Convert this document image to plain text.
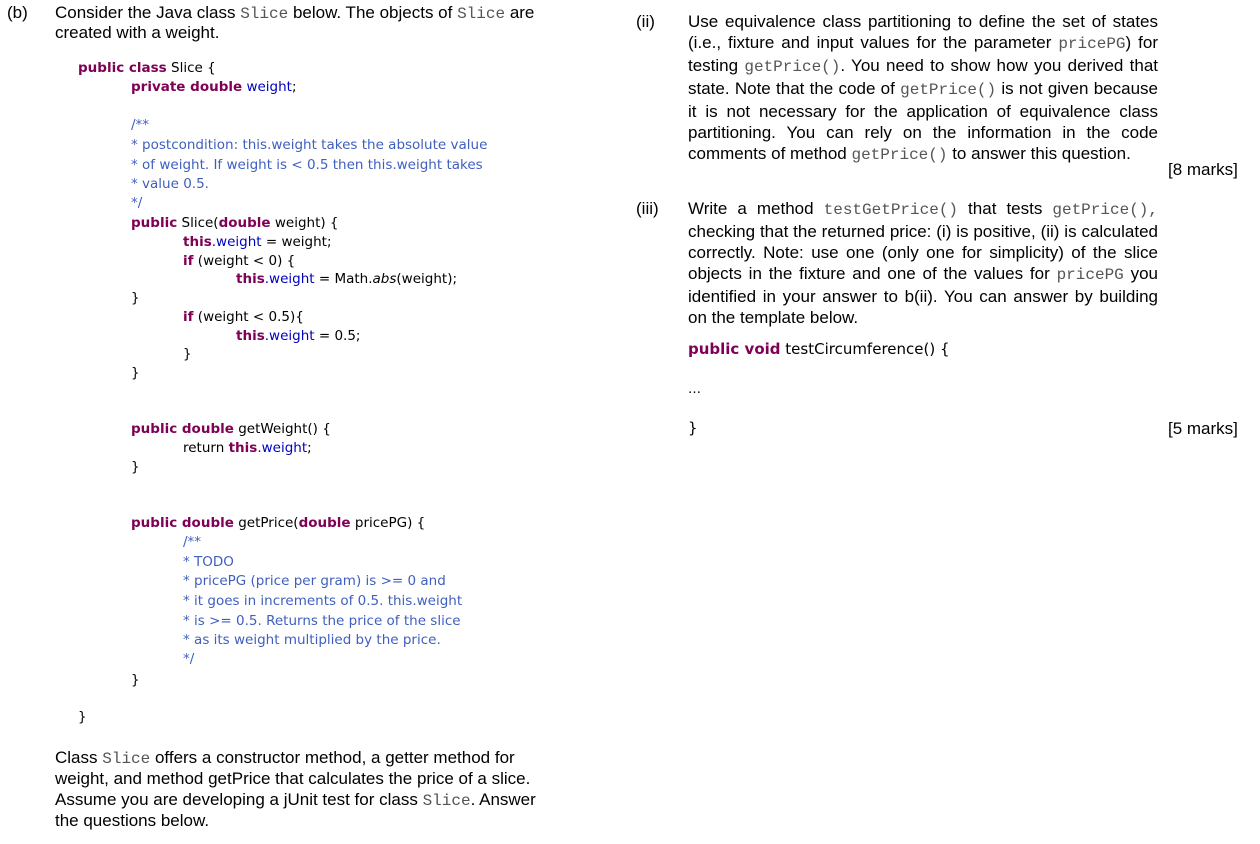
(b) Consider the Java class Slice below. The objects of Slice are
created with a weight.
public class Slice {
private double weight;
/**
* postcondition: this.weight takes the absolute value
* of weight. If weight is < 0.5 then this.weight takes
* value 0.5.
*/
public Slice(double weight) {
this.weight = weight;
if (weight < 0) {
this.weight = Math.abs(weight);
}
if (weight < 0.5){
this.weight = 0.5;
}
}
public double getWeight() {
return this.weight;
}
public double getPrice(double pricePG) {
/**
* TODO
* pricePG (price per gram) is >= 0 and
* it goes in increments of 0.5. this.weight
* is >= 0.5. Returns the price of the slice
* as its weight multiplied by the price.
*/
}
}
Class Slice offers a constructor method, a getter method for
weight, and method getPrice that calculates the price of a slice.
Assume you are developing a jUnit test for class Slice. Answer
the questions below.
(ii) Use equivalence class partitioning to define the set of states (i.e., fixture and input values for the parameter pricePG) for testing getPrice(). You need to show how you derived that state. Note that the code of getPrice() is not given because it is not necessary for the application of equivalence class partitioning. You can rely on the information in the code comments of method getPrice() to answer this question.
[8 marks]
(iii) Write a method testGetPrice() that tests getPrice(), checking that the returned price: (i) is positive, (ii) is calculated correctly. Note: use one (only one for simplicity) of the slice objects in the fixture and one of the values for pricePG you identified in your answer to b(ii). You can answer by building on the template below.
public void testCircumference() {
…
}	[5 marks]
